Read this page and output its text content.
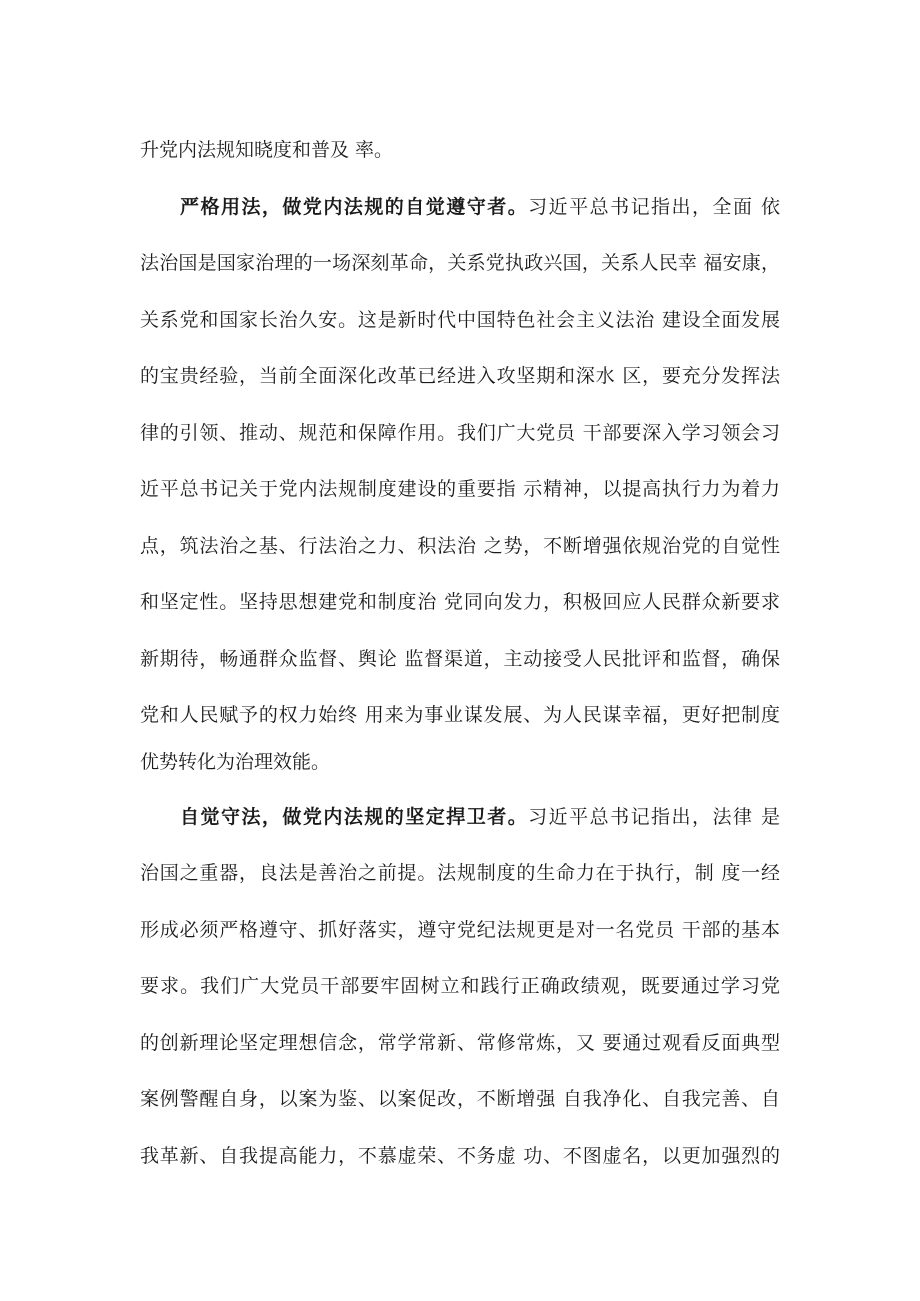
升党内法规知晓度和普及 率。
严格用法，做党内法规的自觉遵守者。习近平总书记指出，全面 依
法治国是国家治理的一场深刻革命，关系党执政兴国，关系人民幸 福安康，
关系党和国家长治久安。这是新时代中国特色社会主义法治 建设全面发展
的宝贵经验，当前全面深化改革已经进入攻坚期和深水 区，要充分发挥法
律的引领、推动、规范和保障作用。我们广大党员 干部要深入学习领会习
近平总书记关于党内法规制度建设的重要指 示精神，以提高执行力为着力
点，筑法治之基、行法治之力、积法治 之势，不断增强依规治党的自觉性
和坚定性。坚持思想建党和制度治 党同向发力，积极回应人民群众新要求
新期待，畅通群众监督、舆论 监督渠道，主动接受人民批评和监督，确保
党和人民赋予的权力始终 用来为事业谋发展、为人民谋幸福，更好把制度
优势转化为治理效能。
自觉守法，做党内法规的坚定捍卫者。习近平总书记指出，法律 是
治国之重器，良法是善治之前提。法规制度的生命力在于执行，制 度一经
形成必须严格遵守、抓好落实，遵守党纪法规更是对一名党员 干部的基本
要求。我们广大党员干部要牢固树立和践行正确政绩观，既要通过学习党
的创新理论坚定理想信念，常学常新、常修常炼，又 要通过观看反面典型
案例警醒自身，以案为鉴、以案促改，不断增强 自我净化、自我完善、自
我革新、自我提高能力，不慕虚荣、不务虚 功、不图虚名，以更加强烈的
